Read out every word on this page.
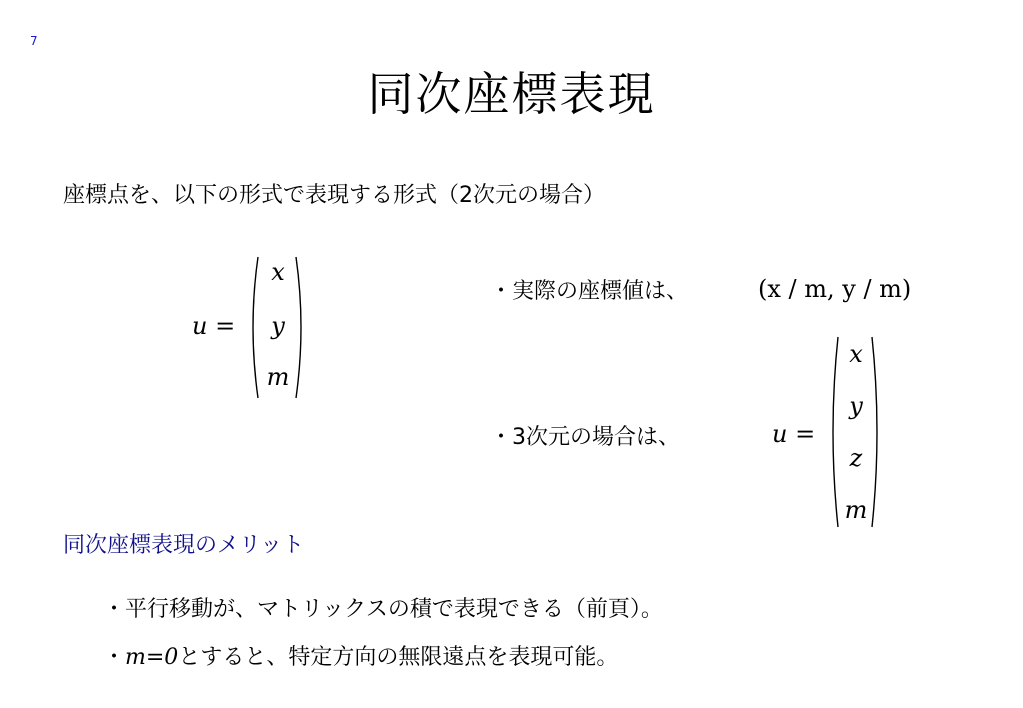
7
同次座標表現
座標点を、以下の形式で表現する形式（2次元の場合）
u =
x
y
m
・実際の座標値は、	(x / m, y / m)
・3次元の場合は、	u =
x
y
z
m
同次座標表現のメリット
・平行移動が、マトリックスの積で表現できる（前頁）。
・m=0とすると、特定方向の無限遠点を表現可能。
